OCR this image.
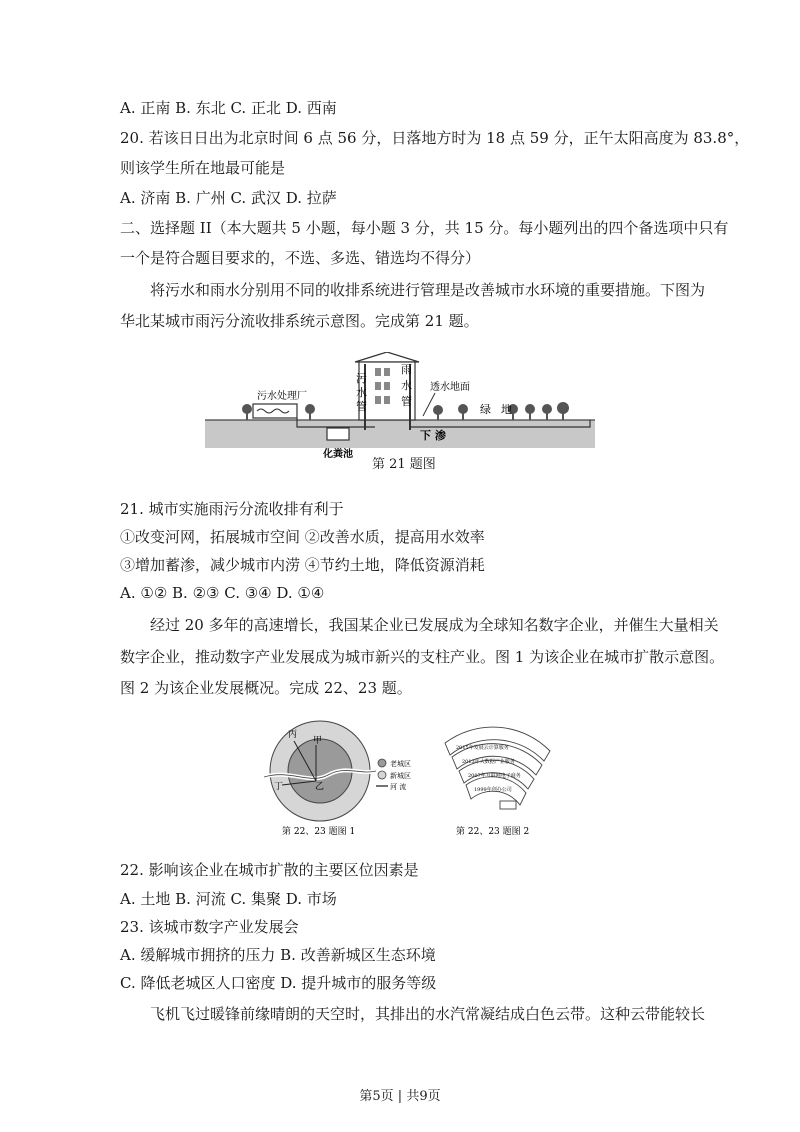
A. 正南 B. 东北 C. 正北 D. 西南
20. 若该日日出为北京时间 6 点 56 分，日落地方时为 18 点 59 分，正午太阳高度为 83.8°，
则该学生所在地最可能是
A. 济南 B. 广州 C. 武汉 D. 拉萨
二、选择题 II（本大题共 5 小题，每小题 3 分，共 15 分。每小题列出的四个备选项中只有
一个是符合题目要求的，不选、多选、错选均不得分）
将污水和雨水分别用不同的收排系统进行管理是改善城市水环境的重要措施。下图为
华北某城市雨污分流收排系统示意图。完成第 21 题。
污水处理厂
化粪池
污
水
管
雨
水
管
透水地面
下 渗
绿 地
第 21 题图
21. 城市实施雨污分流收排有利于
①改变河网，拓展城市空间 ②改善水质，提高用水效率
③增加蓄渗，减少城市内涝 ④节约土地，降低资源消耗
A. ①② B. ②③ C. ③④ D. ①④
经过 20 多年的高速增长，我国某企业已发展成为全球知名数字企业，并催生大量相关
数字企业，推动数字产业发展成为城市新兴的支柱产业。图 1 为该企业在城市扩散示意图。
图 2 为该企业发展概况。完成 22、23 题。
丙
甲
丁	乙
老城区
新城区
河 流
2015年发展云计算服务
2013年大数据产业服务
2007年互联网电子商务
1999年创办公司
第 22、23 题图 1	第 22、23 题图 2
22. 影响该企业在城市扩散的主要区位因素是
A. 土地 B. 河流 C. 集聚 D. 市场
23. 该城市数字产业发展会
A. 缓解城市拥挤的压力 B. 改善新城区生态环境
C. 降低老城区人口密度 D. 提升城市的服务等级
飞机飞过暖锋前缘晴朗的天空时，其排出的水汽常凝结成白色云带。这种云带能较长
第5页 | 共9页
